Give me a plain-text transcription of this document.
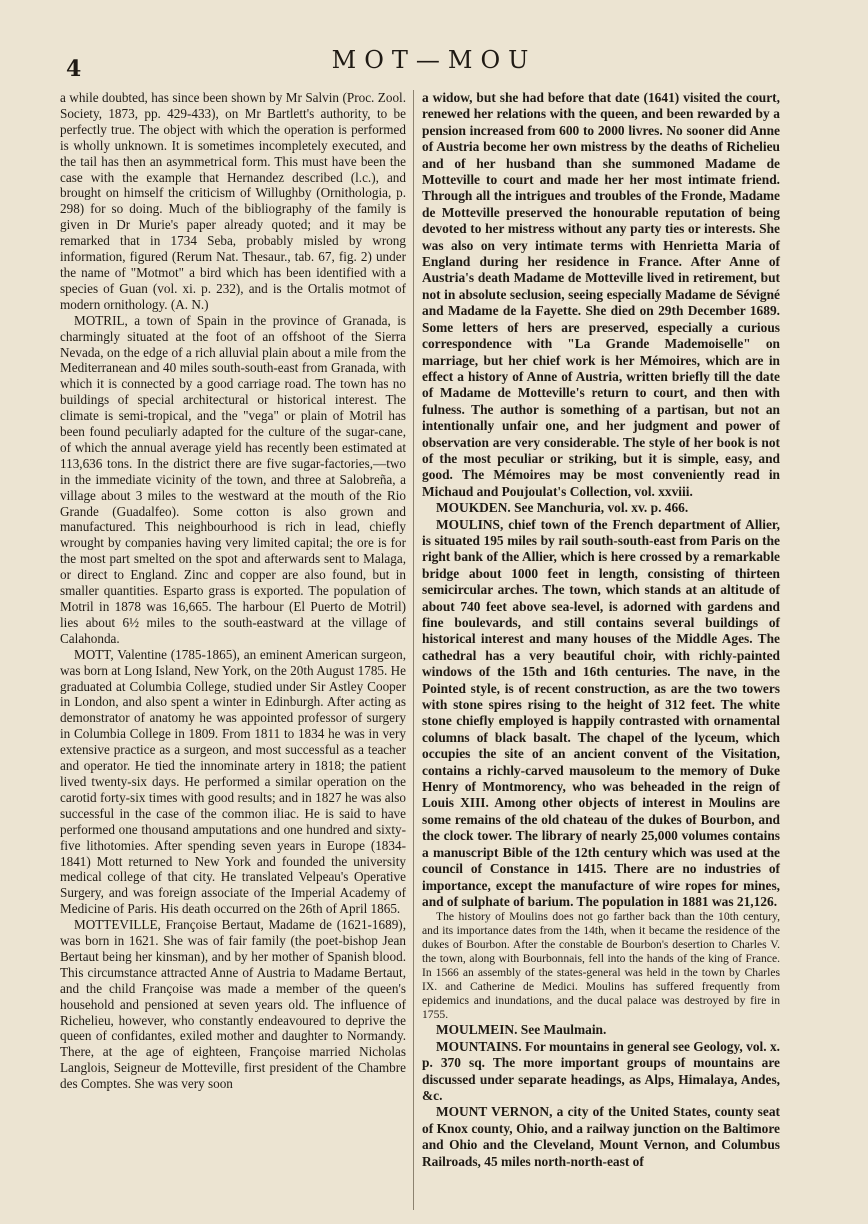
4	MOT—MOU

a while doubted, has since been shown by Mr Salvin (Proc. Zool. Society, 1873, pp. 429-433), on Mr Bartlett's authority, to be perfectly true. The object with which the operation is performed is wholly unknown. It is sometimes incompletely executed, and the tail has then an asymmetrical form. This must have been the case with the example that Hernandez described (l.c.), and brought on himself the criticism of Willughby (Ornithologia, p. 298) for so doing. Much of the bibliography of the family is given in Dr Murie's paper already quoted; and it may be remarked that in 1734 Seba, probably misled by wrong information, figured (Rerum Nat. Thesaur., tab. 67, fig. 2) under the name of "Motmot" a bird which has been identified with a species of Guan (vol. xi. p. 232), and is the Ortalis motmot of modern ornithology. (A. N.)

MOTRIL, a town of Spain in the province of Granada, is charmingly situated at the foot of an offshoot of the Sierra Nevada, on the edge of a rich alluvial plain about a mile from the Mediterranean and 40 miles south-south-east from Granada, with which it is connected by a good carriage road. The town has no buildings of special architectural or historical interest. The climate is semi-tropical, and the "vega" or plain of Motril has been found peculiarly adapted for the culture of the sugar-cane, of which the annual average yield has recently been estimated at 113,636 tons. In the district there are five sugar-factories,—two in the immediate vicinity of the town, and three at Salobreña, a village about 3 miles to the westward at the mouth of the Rio Grande (Guadalfeo). Some cotton is also grown and manufactured. This neighbourhood is rich in lead, chiefly wrought by companies having very limited capital; the ore is for the most part smelted on the spot and afterwards sent to Malaga, or direct to England. Zinc and copper are also found, but in smaller quantities. Esparto grass is exported. The population of Motril in 1878 was 16,665. The harbour (El Puerto de Motril) lies about 6½ miles to the south-eastward at the village of Calahonda.

MOTT, Valentine (1785-1865), an eminent American surgeon, was born at Long Island, New York, on the 20th August 1785. He graduated at Columbia College, studied under Sir Astley Cooper in London, and also spent a winter in Edinburgh. After acting as demonstrator of anatomy he was appointed professor of surgery in Columbia College in 1809. From 1811 to 1834 he was in very extensive practice as a surgeon, and most successful as a teacher and operator. He tied the innominate artery in 1818; the patient lived twenty-six days. He performed a similar operation on the carotid forty-six times with good results; and in 1827 he was also successful in the case of the common iliac. He is said to have performed one thousand amputations and one hundred and sixty-five lithotomies. After spending seven years in Europe (1834-1841) Mott returned to New York and founded the university medical college of that city. He translated Velpeau's Operative Surgery, and was foreign associate of the Imperial Academy of Medicine of Paris. His death occurred on the 26th of April 1865.

MOTTEVILLE, Françoise Bertaut, Madame de (1621-1689), was born in 1621. She was of fair family (the poet-bishop Jean Bertaut being her kinsman), and by her mother of Spanish blood. This circumstance attracted Anne of Austria to Madame Bertaut, and the child Françoise was made a member of the queen's household and pensioned at seven years old. The influence of Richelieu, however, who constantly endeavoured to deprive the queen of confidantes, exiled mother and daughter to Normandy. There, at the age of eighteen, Françoise married Nicholas Langlois, Seigneur de Motteville, first president of the Chambre des Comptes. She was very soon

a widow, but she had before that date (1641) visited the court, renewed her relations with the queen, and been rewarded by a pension increased from 600 to 2000 livres. No sooner did Anne of Austria become her own mistress by the deaths of Richelieu and of her husband than she summoned Madame de Motteville to court and made her her most intimate friend. Through all the intrigues and troubles of the Fronde, Madame de Motteville preserved the honourable reputation of being devoted to her mistress without any party ties or interests. She was also on very intimate terms with Henrietta Maria of England during her residence in France. After Anne of Austria's death Madame de Motteville lived in retirement, but not in absolute seclusion, seeing especially Madame de Sévigné and Madame de la Fayette. She died on 29th December 1689. Some letters of hers are preserved, especially a curious correspondence with "La Grande Mademoiselle" on marriage, but her chief work is her Mémoires, which are in effect a history of Anne of Austria, written briefly till the date of Madame de Motteville's return to court, and then with fulness. The author is something of a partisan, but not an intentionally unfair one, and her judgment and power of observation are very considerable. The style of her book is not of the most peculiar or striking, but it is simple, easy, and good. The Mémoires may be most conveniently read in Michaud and Poujoulat's Collection, vol. xxviii.

MOUKDEN. See Manchuria, vol. xv. p. 466.

MOULINS, chief town of the French department of Allier, is situated 195 miles by rail south-south-east from Paris on the right bank of the Allier, which is here crossed by a remarkable bridge about 1000 feet in length, consisting of thirteen semicircular arches. The town, which stands at an altitude of about 740 feet above sea-level, is adorned with gardens and fine boulevards, and still contains several buildings of historical interest and many houses of the Middle Ages. The cathedral has a very beautiful choir, with richly-painted windows of the 15th and 16th centuries. The nave, in the Pointed style, is of recent construction, as are the two towers with stone spires rising to the height of 312 feet. The white stone chiefly employed is happily contrasted with ornamental columns of black basalt. The chapel of the lyceum, which occupies the site of an ancient convent of the Visitation, contains a richly-carved mausoleum to the memory of Duke Henry of Montmorency, who was beheaded in the reign of Louis XIII. Among other objects of interest in Moulins are some remains of the old chateau of the dukes of Bourbon, and the clock tower. The library of nearly 25,000 volumes contains a manuscript Bible of the 12th century which was used at the council of Constance in 1415. There are no industries of importance, except the manufacture of wire ropes for mines, and of sulphate of barium. The population in 1881 was 21,126.

The history of Moulins does not go farther back than the 10th century, and its importance dates from the 14th, when it became the residence of the dukes of Bourbon. After the constable de Bourbon's desertion to Charles V. the town, along with Bourbonnais, fell into the hands of the king of France. In 1566 an assembly of the states-general was held in the town by Charles IX. and Catherine de Medici. Moulins has suffered frequently from epidemics and inundations, and the ducal palace was destroyed by fire in 1755.

MOULMEIN. See Maulmain.

MOUNTAINS. For mountains in general see Geology, vol. x. p. 370 sq. The more important groups of mountains are discussed under separate headings, as Alps, Himalaya, Andes, &c.

MOUNT VERNON, a city of the United States, county seat of Knox county, Ohio, and a railway junction on the Baltimore and Ohio and the Cleveland, Mount Vernon, and Columbus Railroads, 45 miles north-north-east of
